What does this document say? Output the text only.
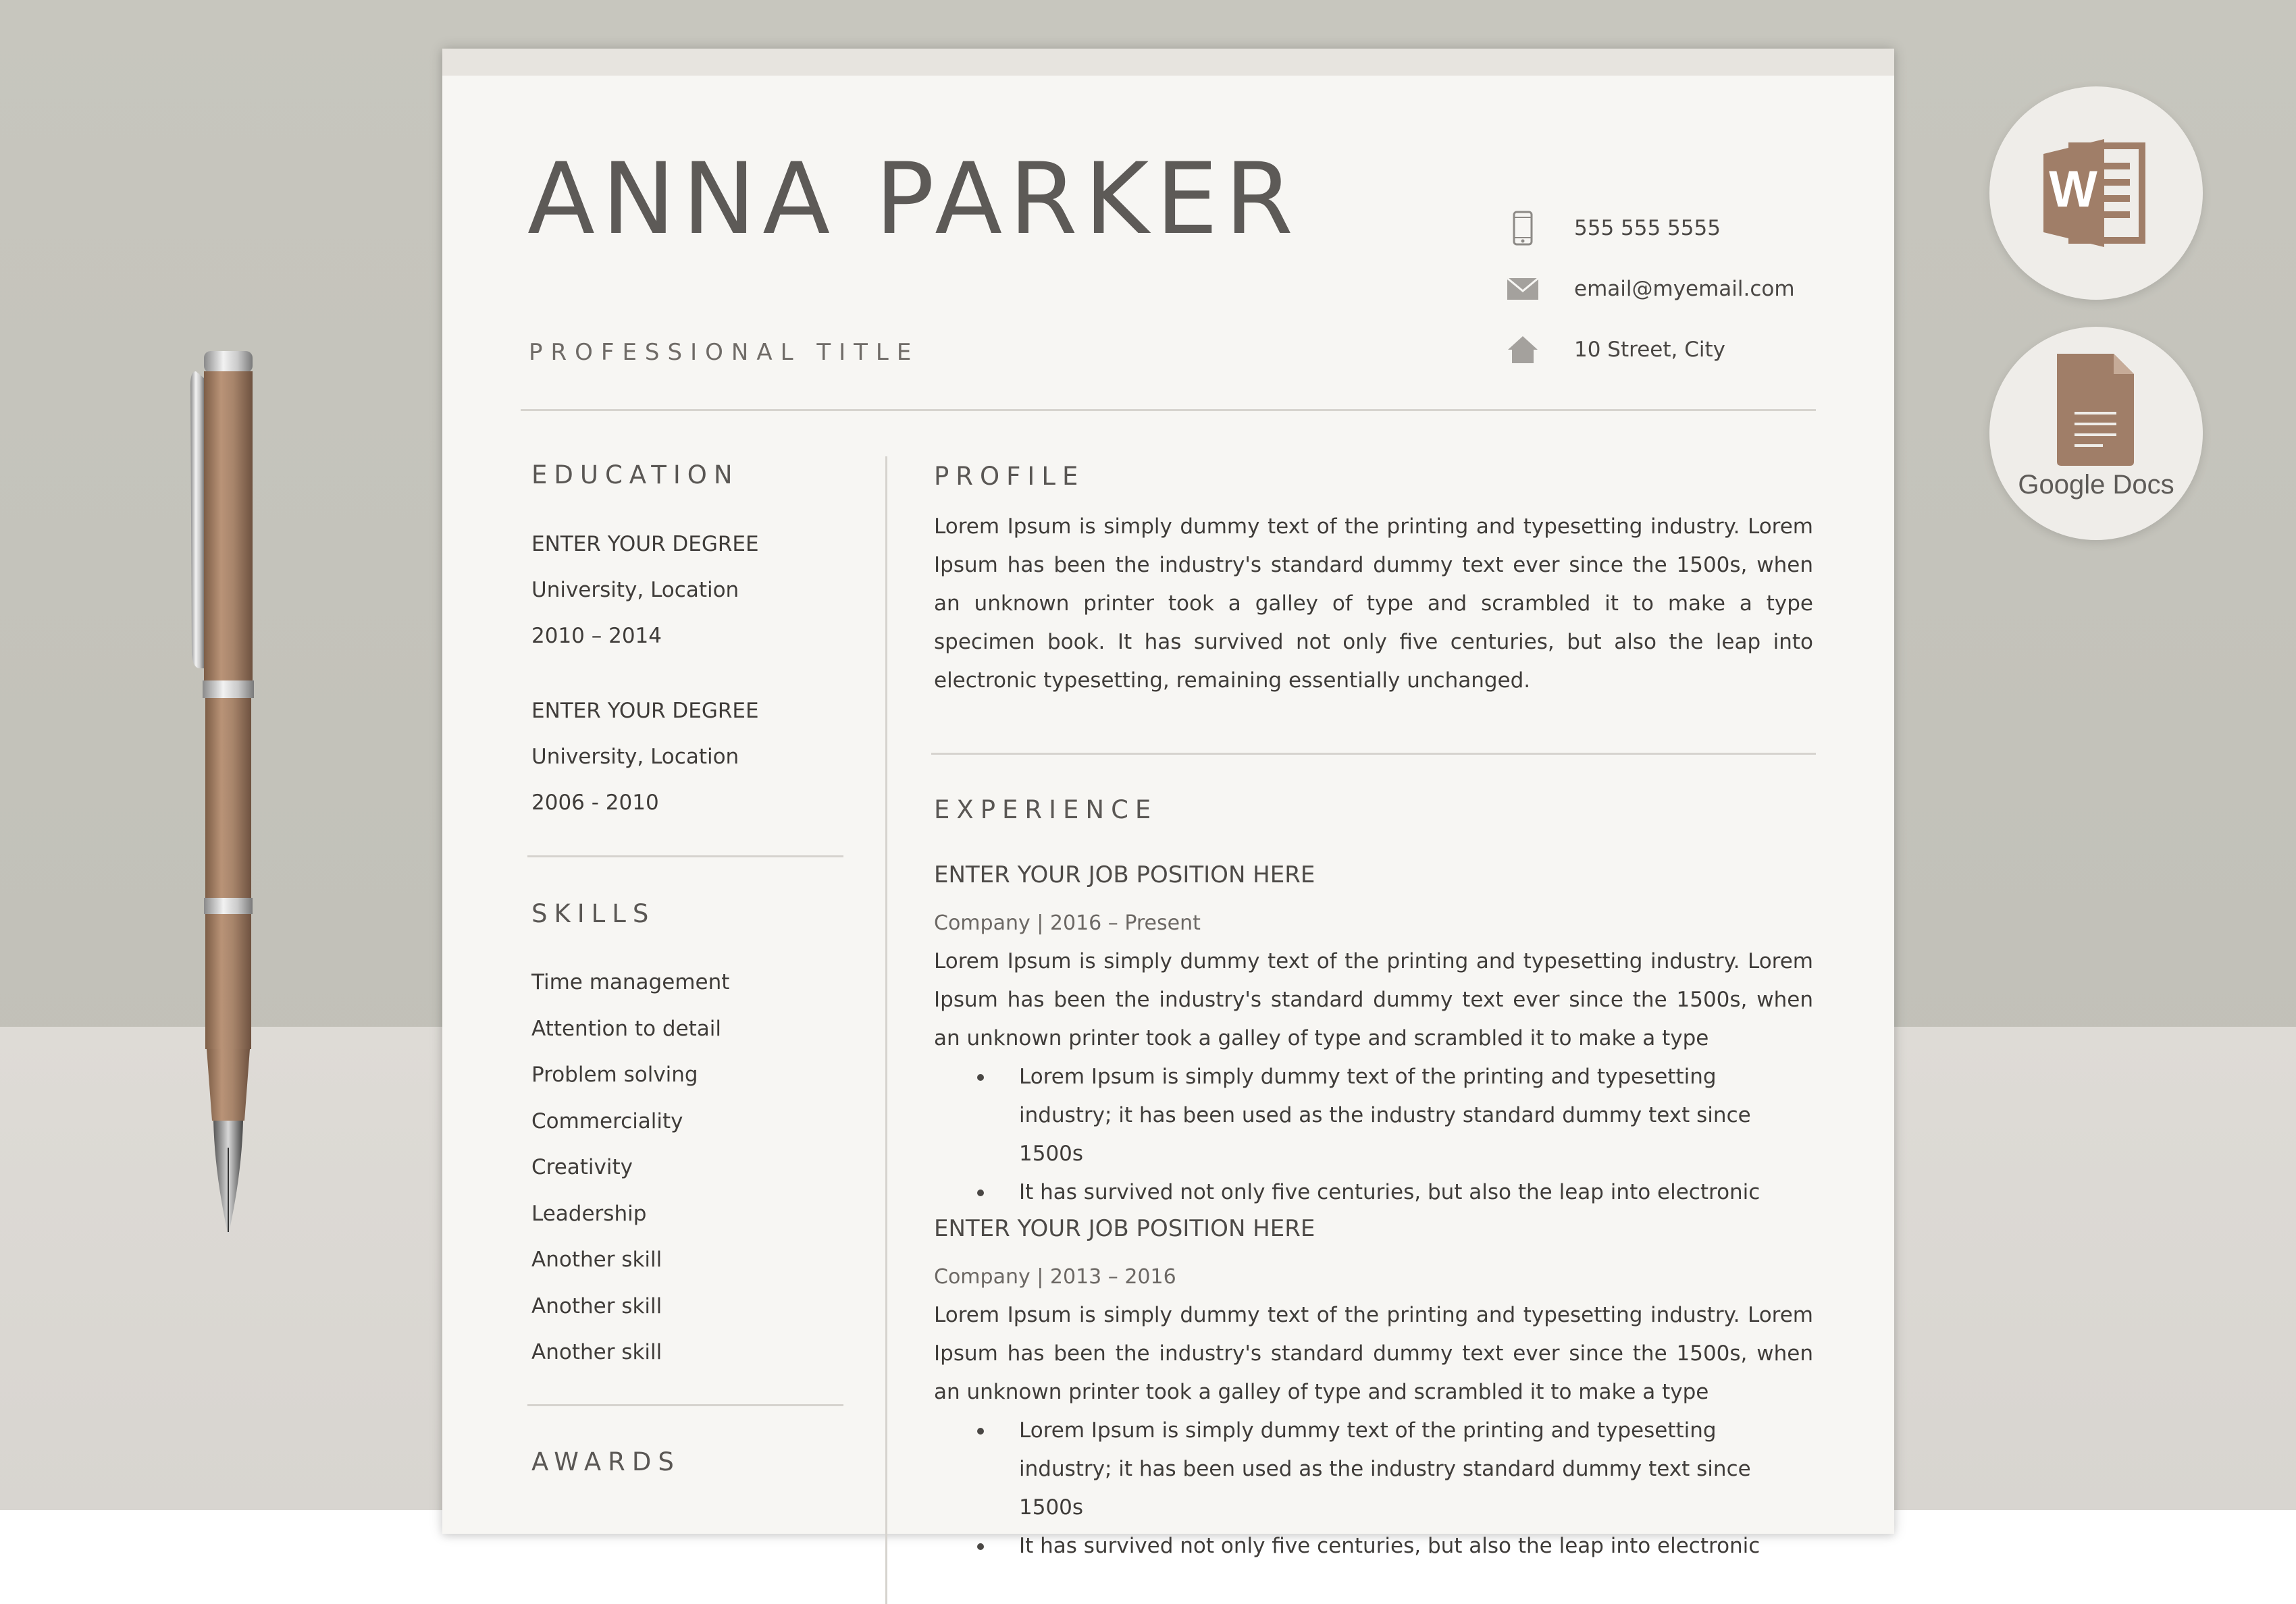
ANNA PARKER
PROFESSIONAL TITLE
555 555 5555
email@myemail.com
10 Street, City
EDUCATION
ENTER YOUR DEGREE
University, Location
2010 – 2014
ENTER YOUR DEGREE
University, Location
2006 - 2010
SKILLS
Time management
Attention to detail
Problem solving
Commerciality
Creativity
Leadership
Another skill
Another skill
Another skill
AWARDS
PROFILE
Lorem Ipsum is simply dummy text of the printing and typesetting industry. Lorem Ipsum has been the industry's standard dummy text ever since the 1500s, when an unknown printer took a galley of type and scrambled it to make a type specimen book. It has survived not only five centuries, but also the leap into electronic typesetting, remaining essentially unchanged.
EXPERIENCE
ENTER YOUR JOB POSITION HERE
Company | 2016 – Present
Lorem Ipsum is simply dummy text of the printing and typesetting industry. Lorem Ipsum has been the industry's standard dummy text ever since the 1500s, when an unknown printer took a galley of type and scrambled it to make a type
Lorem Ipsum is simply dummy text of the printing and typesetting industry; it has been used as the industry standard dummy text since 1500s
It has survived not only five centuries, but also the leap into electronic
ENTER YOUR JOB POSITION HERE
Company | 2013 – 2016
Lorem Ipsum is simply dummy text of the printing and typesetting industry. Lorem Ipsum has been the industry's standard dummy text ever since the 1500s, when an unknown printer took a galley of type and scrambled it to make a type
Lorem Ipsum is simply dummy text of the printing and typesetting industry; it has been used as the industry standard dummy text since 1500s
It has survived not only five centuries, but also the leap into electronic
W
Google Docs
